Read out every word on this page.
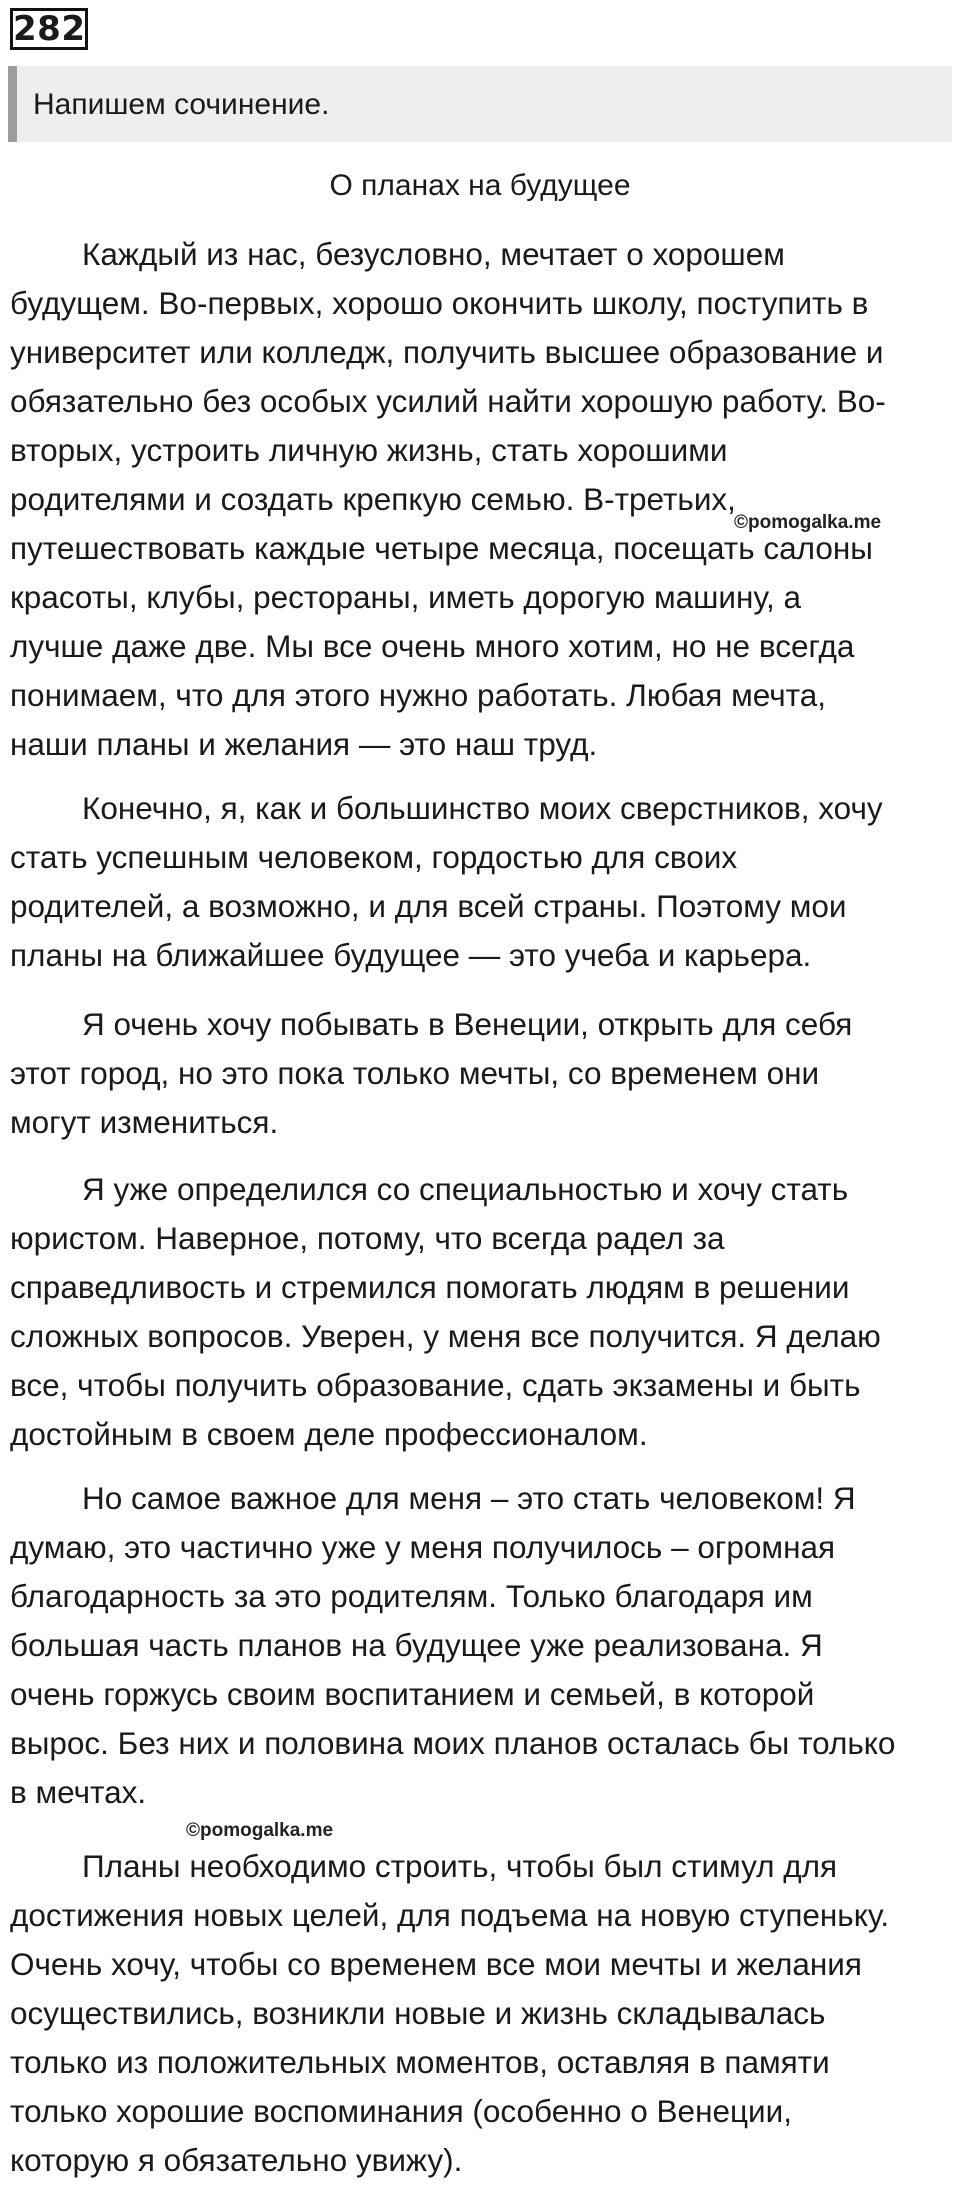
282
Напишем сочинение.
О планах на будущее
Каждый из нас, безусловно, мечтает о хорошем
будущем. Во-первых, хорошо окончить школу, поступить в
университет или колледж, получить высшее образование и
обязательно без особых усилий найти хорошую работу. Во-
вторых, устроить личную жизнь, стать хорошими
родителями и создать крепкую семью. В-третьих,
путешествовать каждые четыре месяца, посещать салоны
красоты, клубы, рестораны, иметь дорогую машину, а
лучше даже две. Мы все очень много хотим, но не всегда
понимаем, что для этого нужно работать. Любая мечта,
наши планы и желания — это наш труд.
Конечно, я, как и большинство моих сверстников, хочу
стать успешным человеком, гордостью для своих
родителей, а возможно, и для всей страны. Поэтому мои
планы на ближайшее будущее — это учеба и карьера.
Я очень хочу побывать в Венеции, открыть для себя
этот город, но это пока только мечты, со временем они
могут измениться.
Я уже определился со специальностью и хочу стать
юристом. Наверное, потому, что всегда радел за
справедливость и стремился помогать людям в решении
сложных вопросов. Уверен, у меня все получится. Я делаю
все, чтобы получить образование, сдать экзамены и быть
достойным в своем деле профессионалом.
Но самое важное для меня – это стать человеком! Я
думаю, это частично уже у меня получилось – огромная
благодарность за это родителям. Только благодаря им
большая часть планов на будущее уже реализована. Я
очень горжусь своим воспитанием и семьей, в которой
вырос. Без них и половина моих планов осталась бы только
в мечтах.
Планы необходимо строить, чтобы был стимул для
достижения новых целей, для подъема на новую ступеньку.
Очень хочу, чтобы со временем все мои мечты и желания
осуществились, возникли новые и жизнь складывалась
только из положительных моментов, оставляя в памяти
только хорошие воспоминания (особенно о Венеции,
которую я обязательно увижу).
©pomogalka.me
©pomogalka.me
